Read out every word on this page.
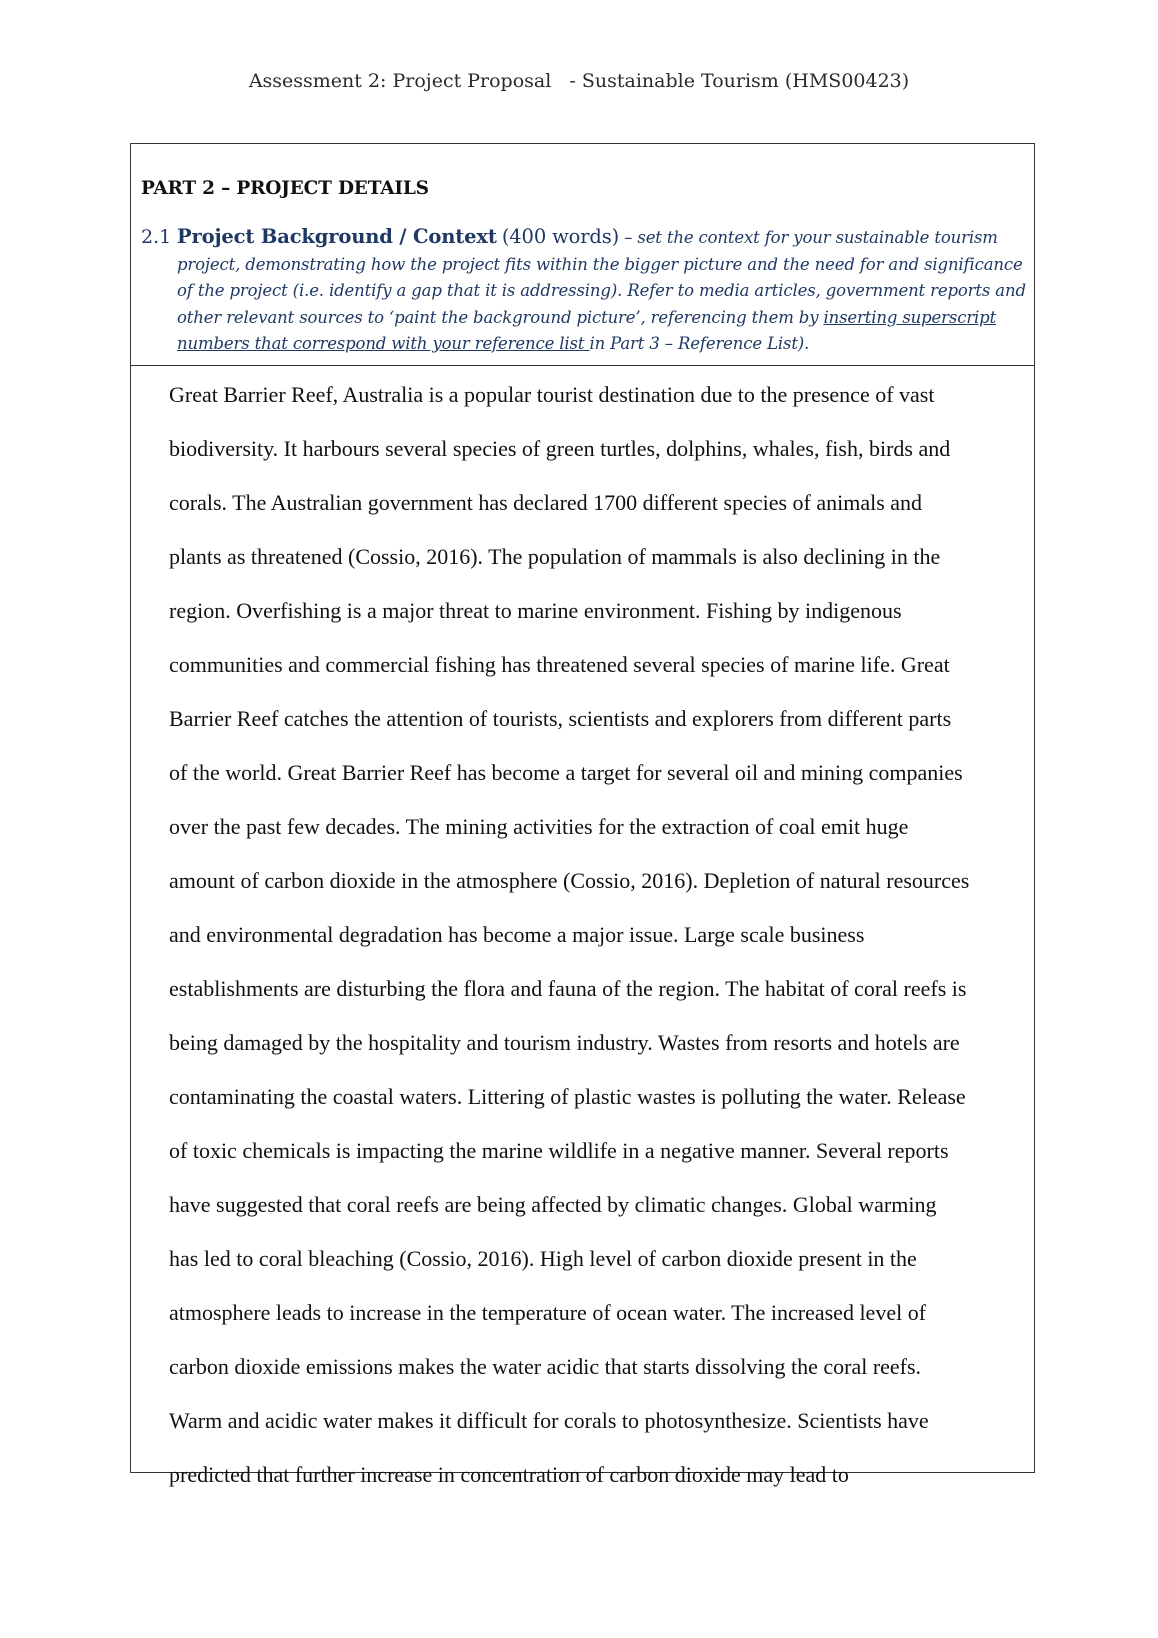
Assessment 2: Project Proposal   - Sustainable Tourism (HMS00423)
PART 2 – PROJECT DETAILS
2.1 Project Background / Context (400 words) – set the context for your sustainable tourism project, demonstrating how the project fits within the bigger picture and the need for and significance of the project (i.e. identify a gap that it is addressing). Refer to media articles, government reports and other relevant sources to ‘paint the background picture’, referencing them by inserting superscript numbers that correspond with your reference list in Part 3 – Reference List).
Great Barrier Reef, Australia is a popular tourist destination due to the presence of vast
biodiversity. It harbours several species of green turtles, dolphins, whales, fish, birds and
corals. The Australian government has declared 1700 different species of animals and
plants as threatened (Cossio, 2016). The population of mammals is also declining in the
region. Overfishing is a major threat to marine environment. Fishing by indigenous
communities and commercial fishing has threatened several species of marine life. Great
Barrier Reef catches the attention of tourists, scientists and explorers from different parts
of the world. Great Barrier Reef has become a target for several oil and mining companies
over the past few decades. The mining activities for the extraction of coal emit huge
amount of carbon dioxide in the atmosphere (Cossio, 2016). Depletion of natural resources
and environmental degradation has become a major issue. Large scale business
establishments are disturbing the flora and fauna of the region. The habitat of coral reefs is
being damaged by the hospitality and tourism industry. Wastes from resorts and hotels are
contaminating the coastal waters. Littering of plastic wastes is polluting the water. Release
of toxic chemicals is impacting the marine wildlife in a negative manner. Several reports
have suggested that coral reefs are being affected by climatic changes. Global warming
has led to coral bleaching (Cossio, 2016). High level of carbon dioxide present in the
atmosphere leads to increase in the temperature of ocean water. The increased level of
carbon dioxide emissions makes the water acidic that starts dissolving the coral reefs.
Warm and acidic water makes it difficult for corals to photosynthesize. Scientists have
predicted that further increase in concentration of carbon dioxide may lead to
